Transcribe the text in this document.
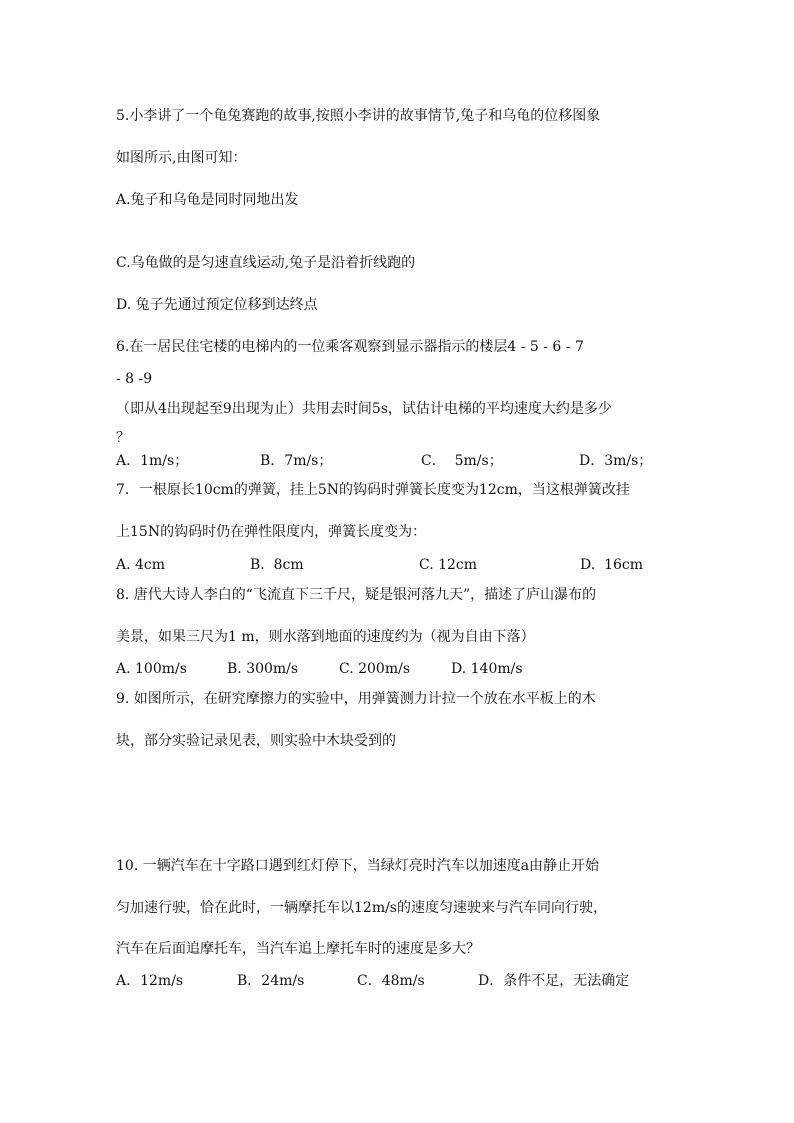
5.小李讲了一个龟兔赛跑的故事,按照小李讲的故事情节,兔子和乌龟的位移图象
如图所示,由图可知：
A.兔子和乌龟是同时同地出发
C.乌龟做的是匀速直线运动,兔子是沿着折线跑的
D. 兔子先通过预定位移到达终点
6.在一居民住宅楼的电梯内的一位乘客观察到显示器指示的楼层4 - 5 - 6 - 7
- 8 -9
（即从4出现起至9出现为止）共用去时间5s，试估计电梯的平均速度大约是多少
？
A．1m/s；	B．7m/s；	C．  5m/s；	D．3m/s；
7．一根原长10cm的弹簧，挂上5N的钩码时弹簧长度变为12cm，当这根弹簧改挂
上15N的钩码时仍在弹性限度内，弹簧长度变为：
A. 4cm	B.  8cm	C. 12cm	D.  16cm
8. 唐代大诗人李白的“飞流直下三千尺，疑是银河落九天”，描述了庐山瀑布的
美景，如果三尺为1 m，则水落到地面的速度约为（视为自由下落）
A. 100m/s	B. 300m/s	C. 200m/s	D. 140m/s
9. 如图所示，在研究摩擦力的实验中，用弹簧测力计拉一个放在水平板上的木
块，部分实验记录见表，则实验中木块受到的
10. 一辆汽车在十字路口遇到红灯停下，当绿灯亮时汽车以加速度a由静止开始
匀加速行驶，恰在此时，一辆摩托车以12m/s的速度匀速驶来与汽车同向行驶，
汽车在后面追摩托车，当汽车追上摩托车时的速度是多大？
A．12m/s	B．24m/s	C．48m/s	D．条件不足，无法确定
